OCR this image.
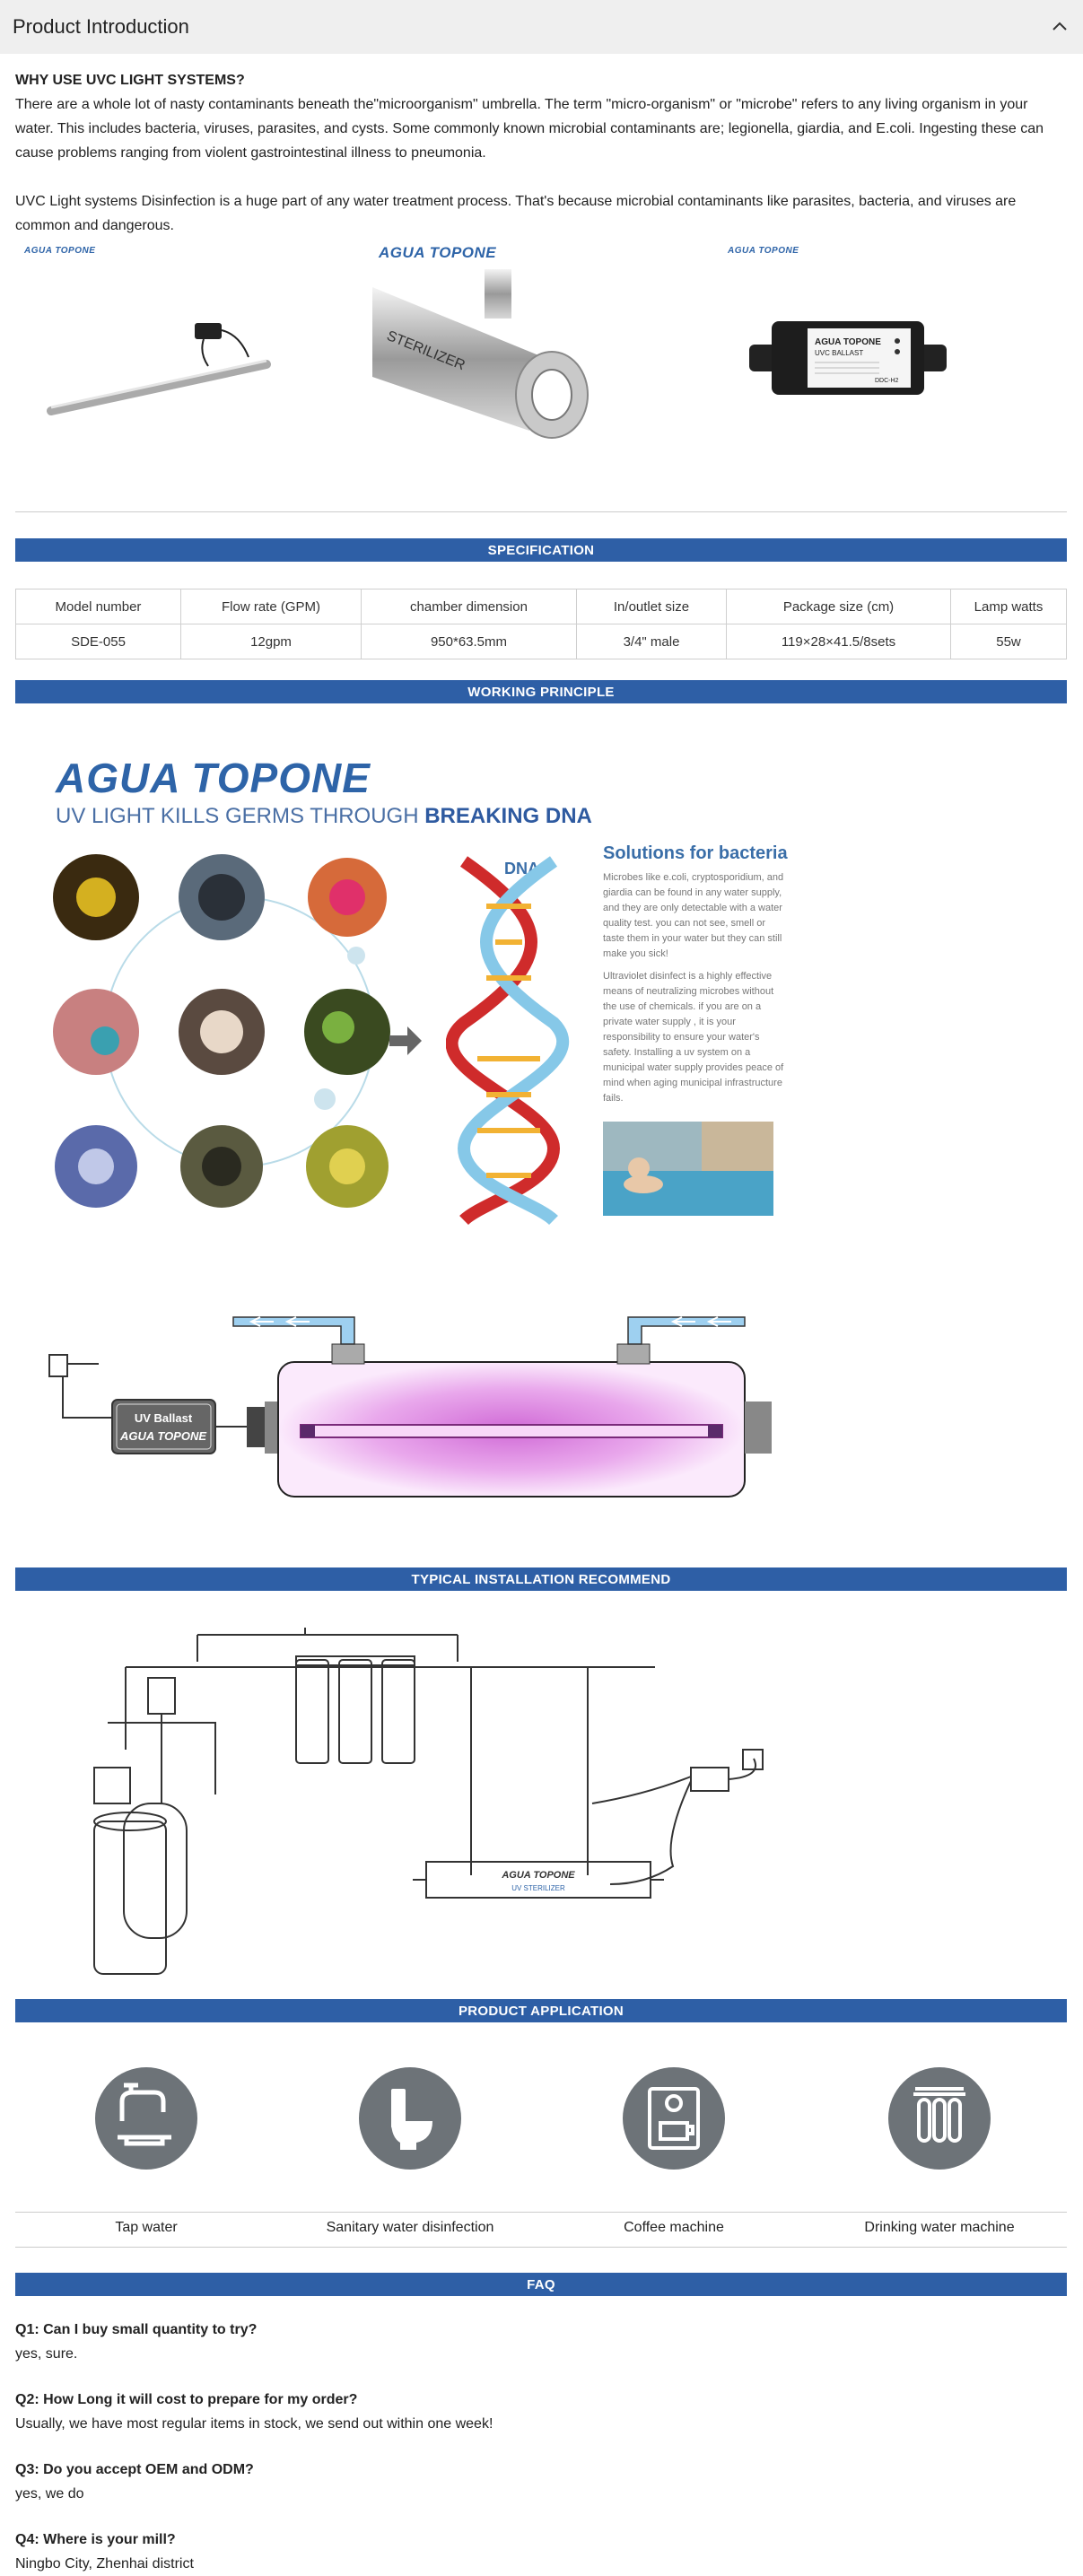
Product Introduction

WHY USE UVC LIGHT SYSTEMS?

There are a whole lot of nasty contaminants beneath the"microorganism" umbrella. The term "micro-organism" or "microbe" refers to any living organism in your water. This includes bacteria, viruses, parasites, and cysts. Some commonly known microbial contaminants are; legionella, giardia, and E.coli. Ingesting these can cause problems ranging from violent gastrointestinal illness to pneumonia.

UVC Light systems Disinfection is a huge part of any water treatment process. That's because microbial contaminants like parasites, bacteria, and viruses are common and dangerous.

AGUA TOPONE	AGUA TOPONE
STERILIZER
AGUA TOPONE
AGUA TOPONE
UVC BALLAST
DDC-H2
SPECIFICATION
Model number	Flow rate (GPM)	chamber dimension	In/outlet size	Package size (cm)	Lamp watts
SDE-055	12gpm	950*63.5mm	3/4" male	119×28×41.5/8sets	55w
WORKING PRINCIPLE
AGUA TOPONE
UV LIGHT KILLS GERMS THROUGH BREAKING DNA
DNA
Solutions for bacteria
Microbes like e.coli, cryptosporidium, and giardia can be found in any water supply, and they are only detectable with a water quality test. you can not see, smell or taste them in your water but they can still make you sick!
Ultraviolet disinfect is a highly effective means of neutralizing microbes without the use of chemicals. if you are on a private water supply , it is your responsibility to ensure your water's safety. Installing a uv system on a municipal water supply provides peace of mind when aging municipal infrastructure fails.
UV Ballast
AGUA TOPONE
TYPICAL INSTALLATION RECOMMEND
AGUA TOPONE
UV STERILIZER
PRODUCT APPLICATION
Tap water	Sanitary water disinfection	Coffee machine	Drinking water machine
FAQ

Q1: Can I buy small quantity to try?

yes, sure.

Q2: How Long it will cost to prepare for my order?

Usually, we have most regular items in stock, we send out within one week!

Q3: Do you accept OEM and ODM?

yes, we do

Q4: Where is your mill?

Ningbo City, Zhenhai district
